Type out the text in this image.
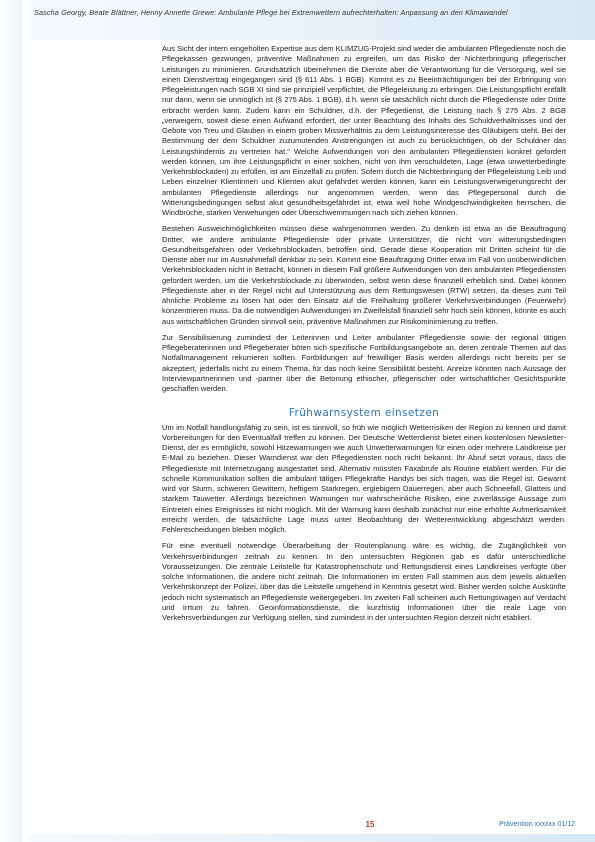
Sascha Georgy, Beate Blättner, Henny Annette Grewe: Ambulante Pflege bei Extremwettern aufrechterhalten: Anpassung an den Klimawandel

Aus Sicht der intern eingeholten Expertise aus dem KLIMZUG-Projekt sind weder die ambulanten Pflegedienste noch die Pflegekassen gezwungen, präventive Maßnahmen zu ergreifen, um das Risiko der Nichterbringung pflegerischer Leistungen zu minimieren. Grundsätzlich übernehmen die Dienste aber die Verantwortung für die Versorgung, weil sie einen Dienstvertrag eingegangen sind (§ 611 Abs. 1 BGB). Kommt es zu Beeinträchtigungen bei der Erbringung von Pflegeleistungen nach SGB XI sind sie prinzipiell verpflichtet, die Pflegeleistung zu erbringen. Die Leistungspflicht entfällt nur dann, wenn sie unmöglich ist (§ 275 Abs. 1 BGB), d.h. wenn sie tatsächlich nicht durch die Pflegedienste oder Dritte erbracht werden kann. Zudem kann ein Schuldner, d.h. der Pflegedienst, die Leistung nach § 275 Abs. 2 BGB „verweigern, soweit diese einen Aufwand erfordert, der unter Beachtung des Inhalts des Schuldverhältnisses und der Gebote von Treu und Glauben in einem groben Missverhältnis zu dem Leistungsinteresse des Gläubigers steht. Bei der Bestimmung der dem Schuldner zuzumutenden Anstrengungen ist auch zu berücksichtigen, ob der Schuldner das Leistungshindernis zu vertreten hat.“ Welche Aufwendungen von den ambulanten Pflegediensten konkret gefordert werden können, um ihre Leistungspflicht in einer solchen, nicht von ihm verschuldeten, Lage (etwa unwetterbedingte Verkehrsblockaden) zu erfüllen, ist am Einzelfall zu prüfen. Sofern durch die Nichterbringung der Pflegeleistung Leib und Leben einzelner Klientinnen und Klienten akut gefährdet werden können, kann ein Leistungsverweigerungsrecht der ambulanten Pflegedienste allerdings nur angenommen werden, wenn das Pflegepersonal durch die Witterungsbedingungen selbst akut gesundheitsgefährdet ist, etwa weil hohe Windgeschwindigkeiten herrschen, die Windbrüche, starken Verwehungen oder Überschwemmungen nach sich ziehen können.

Bestehen Ausweichmöglichkeiten müssen diese wahrgenommen werden. Zu denken ist etwa an die Beauftragung Dritter, wie andere ambulante Pflegedienste oder private Unterstützer, die nicht von witterungsbedingten Gesundheitsgefahren oder Verkehrsblockaden, betroffen sind. Gerade diese Kooperation mit Dritten scheint für die Dienste aber nur im Ausnahmefall denkbar zu sein. Kommt eine Beauftragung Dritter etwa im Fall von unüberwindlichen Verkehrsblockaden nicht in Betracht, können in diesem Fall größere Aufwendungen von den ambulanten Pflegediensten gefordert werden, um die Verkehrsblockade zu überwinden, selbst wenn diese finanziell erheblich sind. Dabei können Pflegedienste aber in der Regel nicht auf Unterstützung aus dem Rettungswesen (RTW) setzen, da dieses zum Teil ähnliche Probleme zu lösen hat oder den Einsatz auf die Freihaltung größerer Verkehrsverbindungen (Feuerwehr) konzentrieren muss. Da die notwendigen Aufwendungen im Zweifelsfall finanziell sehr hoch sein können, könnte es auch aus wirtschaftlichen Gründen sinnvoll sein, präventive Maßnahmen zur Risikominimierung zu treffen.

Zur Sensibilisierung zumindest der Leiterinnen und Leiter ambulanter Pflegedienste sowie der regional tätigen Pflegeberaterinnen und Pflegeberater böten sich spezifische Fortbildungsangebote an, deren zentrale Themen auf das Notfallmanagement rekurrieren sollten. Fortbildungen auf freiwilliger Basis werden allerdings nicht bereits per se akzeptiert, jederfalls nicht zu einem Thema, für das noch keine Sensibilität besteht. Anreize könnten nach Aussage der Interviewpartnerinnen und -partner über die Betonung ethischer, pflegerischer oder wirtschaftlicher Gesichtspunkte geschaffen werden.

Frühwarnsystem einsetzen

Um im Notfall handlungsfähig zu sein, ist es sinnvoll, so früh wie möglich Wetterrisiken der Region zu kennen und damit Vorbereitungen für den Eventualfall treffen zu können. Der Deutsche Wetterdienst bietet einen kostenlosen Newsletter-Dienst, der es ermöglicht, sowohl Hitzewarnungen wie auch Unwetterwarnungen für einen oder mehrere Landkreise per E-Mail zu beziehen. Dieser Warndienst war den Pflegediensten noch nicht bekannt. Ihr Abruf setzt voraus, dass die Pflegedienste mit Internetzugang ausgestattet sind. Alternativ müssten Faxabrufe als Routine etabliert werden. Für die schnelle Kommunikation sollten die ambulant tätigen Pflegekräfte Handys bei sich tragen, was die Regel ist. Gewarnt wird vor Sturm, schweren Gewittern, heftigem Starkregen, ergiebigem Dauerregen, aber auch Schneefall, Glatteis und starkem Tauwetter. Allerdings bezeichnen Warnungen nur wahrscheinliche Risiken, eine zuverlässige Aussage zum Eintreten eines Ereignisses ist nicht möglich. Mit der Warnung kann deshalb zunächst nur eine erhöhte Aufmerksamkeit erreicht werden, die tatsächliche Lage muss unter Beobachtung der Wetterentwicklung abgeschätzt werden. Fehlentscheidungen bleiben möglich.

Für eine eventuell notwendige Überarbeitung der Routenplanung wäre es wichtig, die Zugänglichkeit von Verkehrsverbindungen zeitnah zu kennen. In den untersuchten Regionen gab es dafür unterschiedliche Voraussetzungen. Die zentrale Leitstelle für Katastrophenschutz und Rettungsdienst eines Landkreises verfügte über solche Informationen, die andere nicht zeitnah. Die Informationen im ersten Fall stammen aus dem jeweils aktuellen Verkehrskonzept der Polizei, über das die Leitstelle umgehend in Kenntnis gesetzt wird. Bisher werden solche Auskünfte jedoch nicht systematisch an Pflegedienste weitergegeben. Im zweiten Fall scheinen auch Rettungswagen auf Verdacht und Irrtum zu fahren. Geoinformationsdienste, die kurzfristig Informationen über die reale Lage von Verkehrsverbindungen zur Verfügung stellen, sind zumindest in der untersuchten Region derzeit nicht etabliert.

15	Prävention xxxxxx 01/12
